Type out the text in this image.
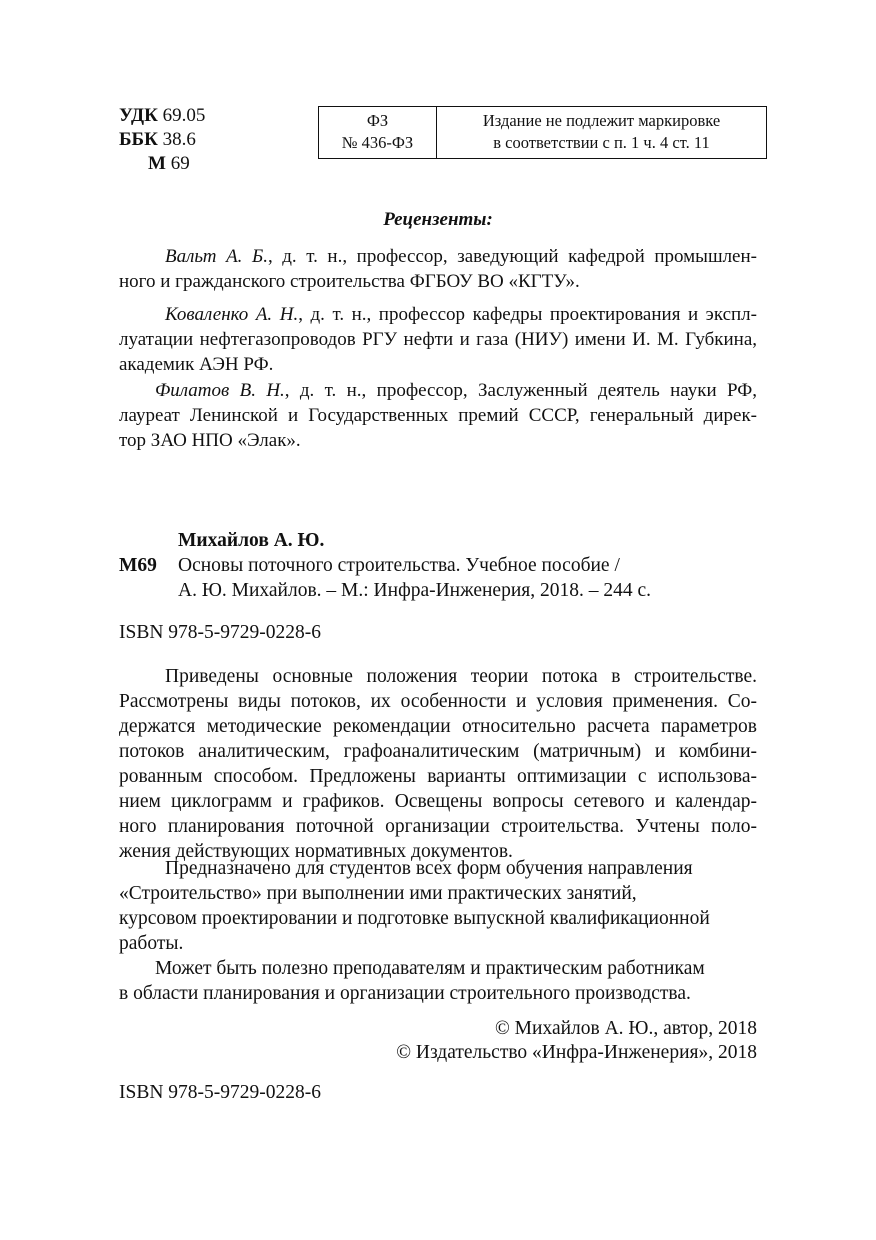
УДК 69.05
ББК 38.6
М 69
ФЗ
№ 436-ФЗ
Издание не подлежит маркировке
в соответствии с п. 1 ч. 4 ст. 11
Рецензенты:
Вальт А. Б., д. т. н., профессор, заведующий кафедрой промышлен-
ного и гражданского строительства ФГБОУ ВО «КГТУ».
Коваленко А. Н., д. т. н., профессор кафедры проектирования и экспл-
луатации нефтегазопроводов РГУ нефти и газа (НИУ) имени И. М. Губкина,
академик АЭН РФ.
Филатов В. Н., д. т. н., профессор, Заслуженный деятель науки РФ,
лауреат Ленинской и Государственных премий СССР, генеральный дирек-
тор ЗАО НПО «Элак».
Михайлов А. Ю.
М69 Основы поточного строительства. Учебное пособие /
А. Ю. Михайлов. – М.: Инфра-Инженерия, 2018. – 244 с.
ISBN 978-5-9729-0228-6
Приведены основные положения теории потока в строительстве.
Рассмотрены виды потоков, их особенности и условия применения. Со-
держатся методические рекомендации относительно расчета параметров
потоков аналитическим, графоаналитическим (матричным) и комбини-
рованным способом. Предложены варианты оптимизации с использова-
нием циклограмм и графиков. Освещены вопросы сетевого и календар-
ного планирования поточной организации строительства. Учтены поло-
жения действующих нормативных документов.
Предназначено для студентов всех форм обучения направления
«Строительство» при выполнении ими практических занятий,
курсовом проектировании и подготовке выпускной квалификационной
работы.
Может быть полезно преподавателям и практическим работникам
в области планирования и организации строительного производства.
© Михайлов А. Ю., автор, 2018
© Издательство «Инфра-Инженерия», 2018
ISBN 978-5-9729-0228-6
